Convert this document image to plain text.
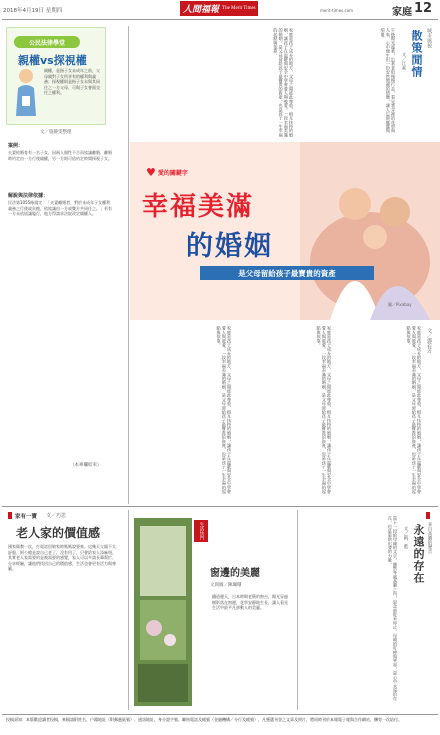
2018年4月19日 星期四	人間福報 The Merit Times	merit-times.com	家庭 12
公民法律學堂
親權vs探視權
親權，是指子女未成年之前，父母親對子女所享有的權利與義務；探視權則是指子女未與其同住之一方父母，可與子女會面交往之權利。
文／施静雯整理
案例：
夫妻結婚育有一名子女，因兩人個性不合而協議離婚，離婚時約定由一方行使親權，另一方則可依約定時間探視子女。
解說與法律依據：
民法第1055條規定：「夫妻離婚者，對於未成年子女權利義務之行使或負擔，依協議由一方或雙方共同任之。」若有一方未依協議履行，他方得請求法院改定親權人。
（本專欄結束）
城市風貌
散策閒情
文／江素
午後陽光溫柔，沿著老街慢慢行走，看見巷弄裡的花草與人家，心中便生出一份安然閒適的情懷，讓人忘卻塵囂與煩憂。
家庭是孩子成長的地方，父母之間彼此尊重、相互扶持的婚姻，讓孩子在溫暖與安全中學會愛人與被愛。一段幸福美滿的婚姻，是父母留給孩子最寶貴的資產，也是孩子一生幸福的起點與依靠。
♥ 愛的關鍵字
幸福美滿
的婚姻
是父母留給孩子最寶貴的資產
圖／Pixabay
家庭是孩子成長的地方，父母之間彼此尊重、相互扶持的婚姻，讓孩子在溫暖與安全中學會愛人與被愛。一段幸福美滿的婚姻，是父母留給孩子最寶貴的資產，也是孩子一生幸福的起點與依靠。	家庭是孩子成長的地方，父母之間彼此尊重、相互扶持的婚姻，讓孩子在溫暖與安全中學會愛人與被愛。一段幸福美滿的婚姻，是父母留給孩子最寶貴的資產，也是孩子一生幸福的起點與依靠。	家庭是孩子成長的地方，父母之間彼此尊重、相互扶持的婚姻，讓孩子在溫暖與安全中學會愛人與被愛。一段幸福美滿的婚姻，是父母留給孩子最寶貴的資產，也是孩子一生幸福的起點與依靠。	文／鄧若芳
家有一寶 文／巧思
老人家的價值感
國家衛教一次，打電話回娘家時媽媽說要來。這幾天父親不太舒服，阿公總是說自己老了、沒有用了，只會給家人添麻煩。其實老人家需要的是被需要的感覺，家人可以多請長輩幫忙、分享經驗，讓他們找回自己的價值感，生活也會更有活力與尊嚴。
生活快門
窗邊的美麗
文與圖／陳珮珊
鐵道邊天，日本時期老舊的窗台，陽光穿過樹影落在窗邊，花草安靜地生長，讓人看見生活中最平凡卻動人的美麗。
來自高牆的聲音
永遠的存在
文／凱、藍
寫下一段給母親的文字，雖然身處高牆之內，思念卻從未停止。母親的叮嚀與笑容，是心中永遠的存在，也是重新出發的力量。
投稿須知：本版歡迎讀者投稿，來稿請附姓名、戶籍地址（附郵遞區號）、通訊地址、身分證字號、聯絡電話及帳號（金融機構／分行及帳號），凡獲選刊登之文章及照片，將同時刊於本報電子報與合作網站，酬勞一次給付。
